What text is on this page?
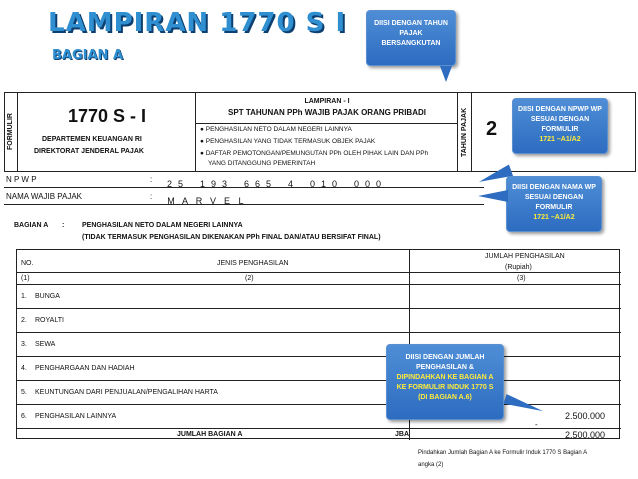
LAMPIRAN 1770 S I
BAGIAN A
FORMULIR	1770 S - I
DEPARTEMEN KEUANGAN RI
DIREKTORAT JENDERAL PAJAK
LAMPIRAN - I
SPT TAHUNAN PPh WAJIB PAJAK ORANG PRIBADI
● PENGHASILAN NETO DALAM NEGERI LAINNYA
● PENGHASILAN YANG TIDAK TERMASUK OBJEK PAJAK
● DAFTAR PEMOTONGAN/PEMUNGUTAN PPh OLEH PIHAK LAIN DAN PPh
YANG DITANGGUNG PEMERINTAH
TAHUN PAJAK 2
N P W P	:	2 5 1 9 3 6 6 5 4 0 1 0 0 0 0
NAMA WAJIB PAJAK	:	M A R V E L
BAGIAN A :	PENGHASILAN NETO DALAM NEGERI LAINNYA
(TIDAK TERMASUK PENGHASILAN DIKENAKAN PPh FINAL DAN/ATAU BERSIFAT FINAL)
NO.	JENIS PENGHASILAN
JUMLAH PENGHASILAN
(Rupiah)
(1)	(2)	(3)
1. BUNGA
2. ROYALTI
3. SEWA
4. PENGHARGAAN DAN HADIAH
5. KEUNTUNGAN DARI PENJUALAN/PENGALIHAN HARTA
6. PENGHASILAN LAINNYA	2.500.000
JUMLAH BAGIAN A	JBA	2.500.000
-
Pindahkan Jumlah Bagian A ke Formulir Induk 1770 S Bagian A
angka (2)
DIISI DENGAN TAHUN PAJAK BERSANGKUTAN
DIISI DENGAN NPWP WP SESUAI DENGAN FORMULIR
1721 –A1/A2
DIISI DENGAN NAMA WP SESUAI DENGAN FORMULIR
1721 –A1/A2
DIISI DENGAN JUMLAH PENGHASILAN &
DIPINDAHKAN KE BAGIAN A KE FORMULIR INDUK 1770 S (DI BAGIAN A.6)
